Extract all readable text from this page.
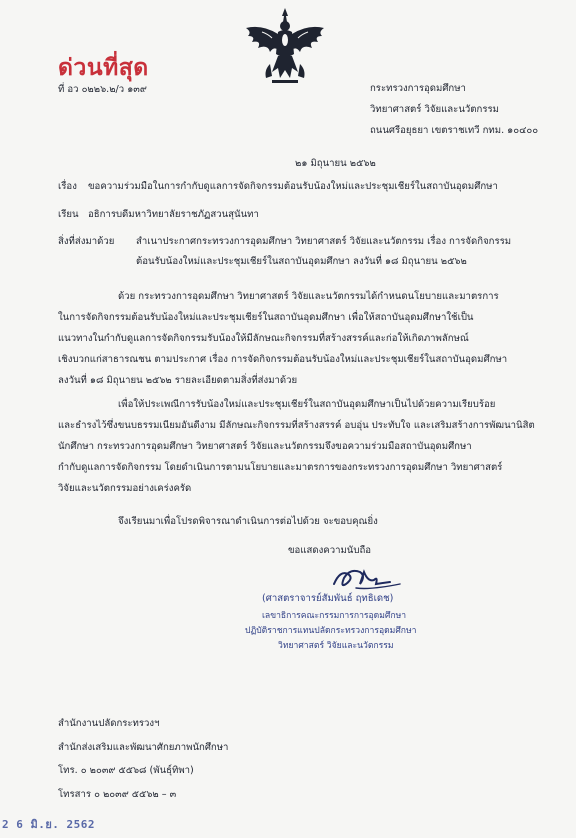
ด่วนที่สุด
ที่ อว ๐๒๒๖.๒/ว ๑๓๙	กระทรวงการอุดมศึกษา
วิทยาศาสตร์ วิจัยและนวัตกรรม
ถนนศรีอยุธยา เขตราชเทวี กทม. ๑๐๔๐๐
๒๑ มิถุนายน ๒๕๖๒
เรื่อง ขอความร่วมมือในการกำกับดูแลการจัดกิจกรรมต้อนรับน้องใหม่และประชุมเชียร์ในสถาบันอุดมศึกษา
เรียน อธิการบดีมหาวิทยาลัยราชภัฏสวนสุนันทา
สิ่งที่ส่งมาด้วย สำเนาประกาศกระทรวงการอุดมศึกษา วิทยาศาสตร์ วิจัยและนวัตกรรม เรื่อง การจัดกิจกรรม
ต้อนรับน้องใหม่และประชุมเชียร์ในสถาบันอุดมศึกษา ลงวันที่ ๑๘ มิถุนายน ๒๕๖๒
ด้วย กระทรวงการอุดมศึกษา วิทยาศาสตร์ วิจัยและนวัตกรรมได้กำหนดนโยบายและมาตรการ
ในการจัดกิจกรรมต้อนรับน้องใหม่และประชุมเชียร์ในสถาบันอุดมศึกษา เพื่อให้สถาบันอุดมศึกษาใช้เป็น
แนวทางในกำกับดูแลการจัดกิจกรรมรับน้องให้มีลักษณะกิจกรรมที่สร้างสรรค์และก่อให้เกิดภาพลักษณ์
เชิงบวกแก่สาธารณชน ตามประกาศ เรื่อง การจัดกิจกรรมต้อนรับน้องใหม่และประชุมเชียร์ในสถาบันอุดมศึกษา
ลงวันที่ ๑๘ มิถุนายน ๒๕๖๒ รายละเอียดตามสิ่งที่ส่งมาด้วย
เพื่อให้ประเพณีการรับน้องใหม่และประชุมเชียร์ในสถาบันอุดมศึกษาเป็นไปด้วยความเรียบร้อย
และธำรงไว้ซึ่งขนบธรรมเนียมอันดีงาม มีลักษณะกิจกรรมที่สร้างสรรค์ อบอุ่น ประทับใจ และเสริมสร้างการพัฒนานิสิต
นักศึกษา กระทรวงการอุดมศึกษา วิทยาศาสตร์ วิจัยและนวัตกรรมจึงขอความร่วมมือสถาบันอุดมศึกษา
กำกับดูแลการจัดกิจกรรม โดยดำเนินการตามนโยบายและมาตรการของกระทรวงการอุดมศึกษา วิทยาศาสตร์
วิจัยและนวัตกรรมอย่างเคร่งครัด
จึงเรียนมาเพื่อโปรดพิจารณาดำเนินการต่อไปด้วย จะขอบคุณยิ่ง
ขอแสดงความนับถือ
(ศาสตราจารย์สัมพันธ์ ฤทธิเดช)
เลขาธิการคณะกรรมการการอุดมศึกษา
ปฏิบัติราชการแทนปลัดกระทรวงการอุดมศึกษา
วิทยาศาสตร์ วิจัยและนวัตกรรม
สำนักงานปลัดกระทรวงฯ
สำนักส่งเสริมและพัฒนาศักยภาพนักศึกษา
โทร. ๐ ๒๐๓๙ ๕๕๖๘ (พันธุ์ทิพา)
โทรสาร ๐ ๒๐๓๙ ๕๕๖๒ – ๓
2 6 มิ.ย. 2562
